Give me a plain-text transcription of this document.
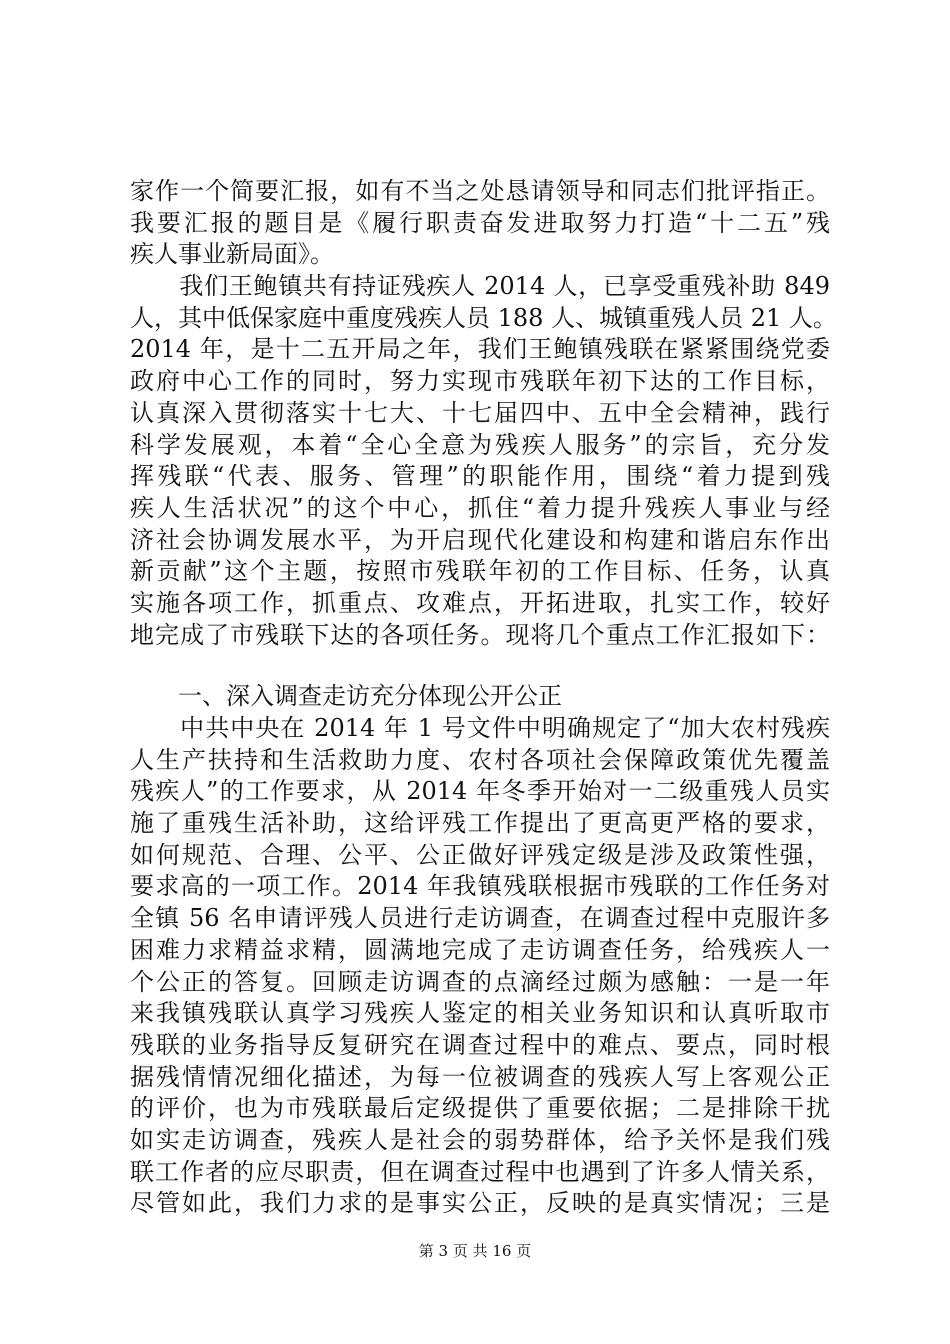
家作一个简要汇报，如有不当之处恳请领导和同志们批评指正。
我要汇报的题目是《履行职责奋发进取努力打造“十二五”残
疾人事业新局面》。
　　我们王鲍镇共有持证残疾人 2014 人，已享受重残补助 849
人，其中低保家庭中重度残疾人员 188 人、城镇重残人员 21 人。
2014 年，是十二五开局之年，我们王鲍镇残联在紧紧围绕党委
政府中心工作的同时，努力实现市残联年初下达的工作目标，
认真深入贯彻落实十七大、十七届四中、五中全会精神，践行
科学发展观，本着“全心全意为残疾人服务”的宗旨，充分发
挥残联“代表、服务、管理”的职能作用，围绕“着力提到残
疾人生活状况”的这个中心，抓住“着力提升残疾人事业与经
济社会协调发展水平，为开启现代化建设和构建和谐启东作出
新贡献”这个主题，按照市残联年初的工作目标、任务，认真
实施各项工作，抓重点、攻难点，开拓进取，扎实工作，较好
地完成了市残联下达的各项任务。现将几个重点工作汇报如下：
　　一、深入调查走访充分体现公开公正
　　中共中央在 2014 年 1 号文件中明确规定了“加大农村残疾
人生产扶持和生活救助力度、农村各项社会保障政策优先覆盖
残疾人”的工作要求，从 2014 年冬季开始对一二级重残人员实
施了重残生活补助，这给评残工作提出了更高更严格的要求，
如何规范、合理、公平、公正做好评残定级是涉及政策性强，
要求高的一项工作。2014 年我镇残联根据市残联的工作任务对
全镇 56 名申请评残人员进行走访调查，在调查过程中克服许多
困难力求精益求精，圆满地完成了走访调查任务，给残疾人一
个公正的答复。回顾走访调查的点滴经过颇为感触：一是一年
来我镇残联认真学习残疾人鉴定的相关业务知识和认真听取市
残联的业务指导反复研究在调查过程中的难点、要点，同时根
据残情情况细化描述，为每一位被调查的残疾人写上客观公正
的评价，也为市残联最后定级提供了重要依据；二是排除干扰
如实走访调查，残疾人是社会的弱势群体，给予关怀是我们残
联工作者的应尽职责，但在调查过程中也遇到了许多人情关系，
尽管如此，我们力求的是事实公正，反映的是真实情况；三是
第 3 页 共 16 页
